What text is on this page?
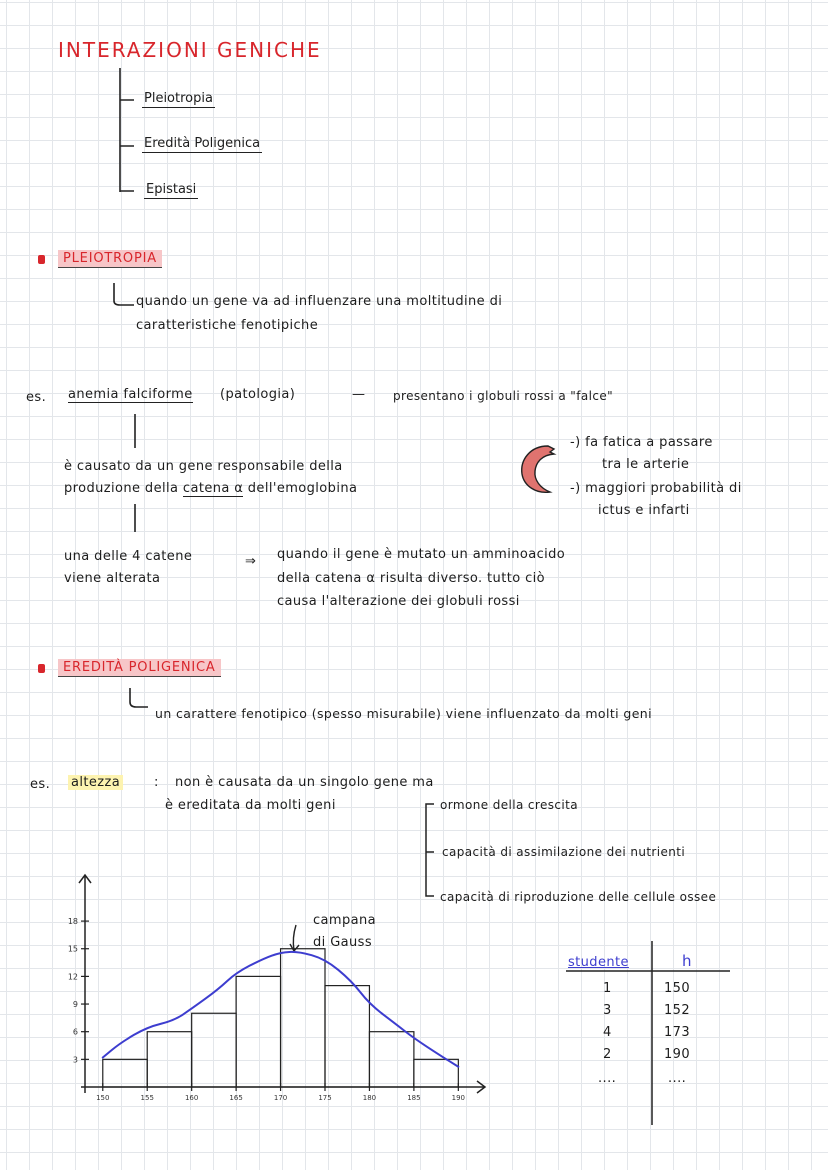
INTERAZIONI GENICHE
Pleiotropia
Eredità Poligenica
Epistasi
PLEIOTROPIA
quando un gene va ad influenzare una moltitudine di
caratteristiche fenotipiche
es. anemia falciforme (patologia)	— presentano i globuli rossi a "falce"
è causato da un gene responsabile della
produzione della catena α dell'emoglobina
-) fa fatica a passare
tra le arterie
-) maggiori probabilità di
ictus e infarti
una delle 4 catene
viene alterata
⇒ quando il gene è mutato un amminoacido
della catena α risulta diverso. tutto ciò
causa l'alterazione dei globuli rossi
EREDITÀ POLIGENICA
un carattere fenotipico (spesso misurabile) viene influenzato da molti geni
es. altezza	: non è causata da un singolo gene ma
è ereditata da molti geni	ormone della crescita
capacità di assimilazione dei nutrienti
capacità di riproduzione delle cellule ossee
campana
di Gauss
3
6
9
12
15
18
150	155	160	165	170	175	180	185	190
studente	h
1	150
3	152
4	173
2	190
....	....
